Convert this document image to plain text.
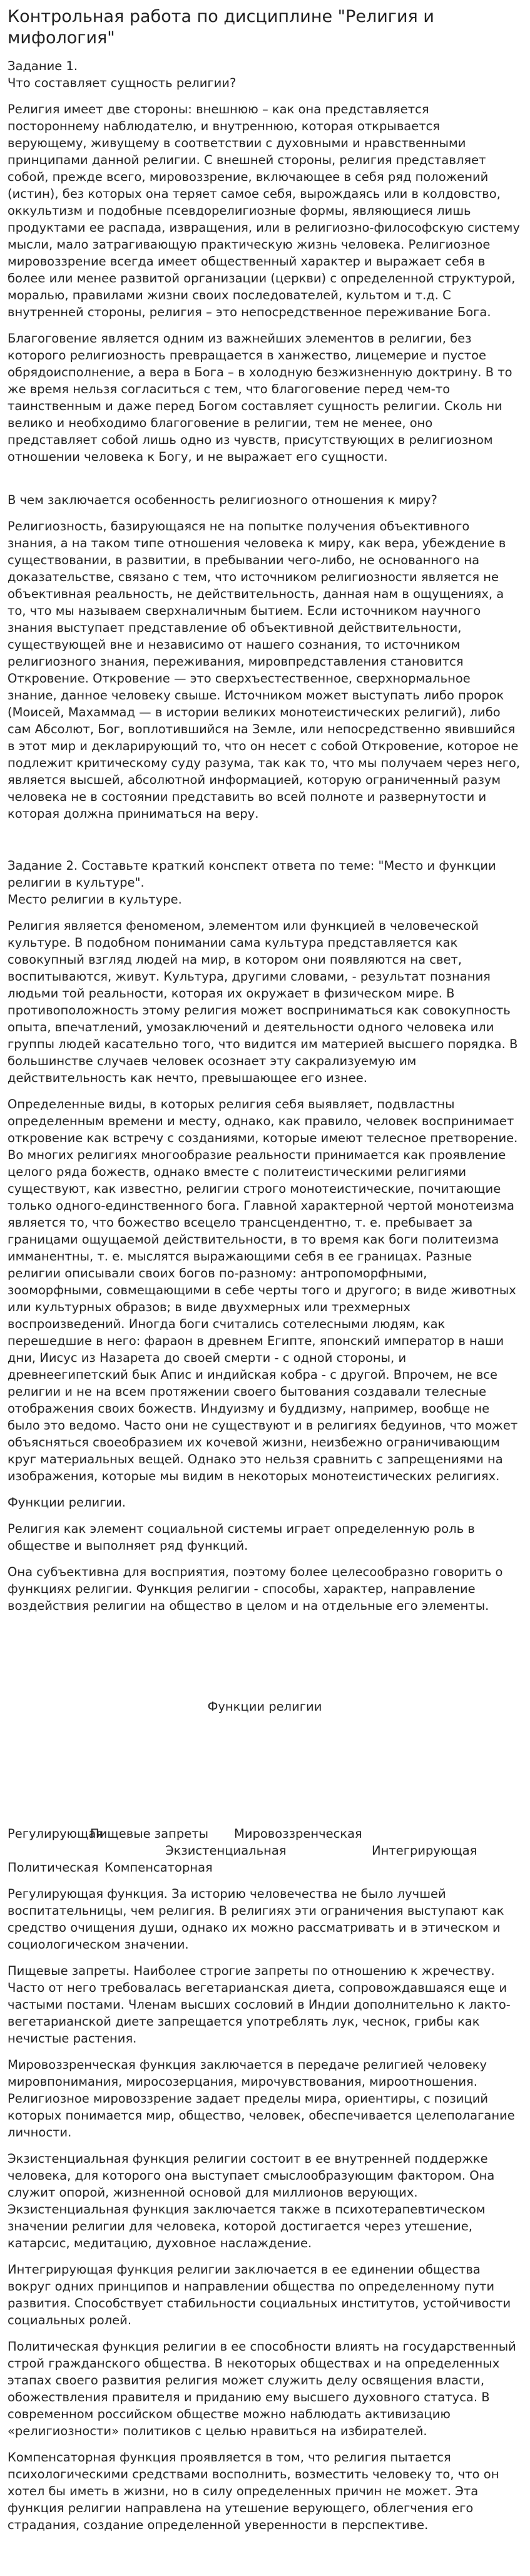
Контрольная работа по дисциплине "Религия и мифология"

Задание 1.

Что составляет сущность религии?

Религия имеет две стороны: внешнюю – как она представляется постороннему наблюдателю, и внутреннюю, которая открывается верующему, живущему в соответствии с духовными и нравственными принципами данной религии. С внешней стороны, религия представляет собой, прежде всего, мировоззрение, включающее в себя ряд положений (истин), без которых она теряет самое себя, вырождаясь или в колдовство, оккультизм и подобные псевдорелигиозные формы, являющиеся лишь продуктами ее распада, извращения, или в религиозно-философскую систему мысли, мало затрагивающую практическую жизнь человека. Религиозное мировоззрение всегда имеет общественный характер и выражает себя в более или менее развитой организации (церкви) с определенной структурой, моралью, правилами жизни своих последователей, культом и т.д. С внутренней стороны, религия – это непосредственное переживание Бога.

Благоговение является одним из важнейших элементов в религии, без которого религиозность превращается в ханжество, лицемерие и пустое обрядоисполнение, а вера в Бога – в холодную безжизненную доктрину. В то же время нельзя согласиться с тем, что благоговение перед чем-то таинственным и даже перед Богом составляет сущность религии. Сколь ни велико и необходимо благоговение в религии, тем не менее, оно представляет собой лишь одно из чувств, присутствующих в религиозном отношении человека к Богу, и не выражает его сущности.

В чем заключается особенность религиозного отношения к миру?

Религиозность, базирующаяся не на попытке получения объективного знания, а на таком типе отношения человека к миру, как вера, убеждение в существовании, в развитии, в пребывании чего-либо, не основанного на доказательстве, связано с тем, что источником религиозности является не объективная реальность, не действительность, данная нам в ощущениях, а то, что мы называем сверхналичным бытием. Если источником научного знания выступает представление об объективной действительности, существующей вне и независимо от нашего сознания, то источником религиозного знания, переживания, мировпредставления становится Откровение. Откровение — это сверхъестественное, сверхнормальное знание, данное человеку свыше. Источником может выступать либо пророк (Моисей, Махаммад — в истории великих монотеистических религий), либо сам Абсолют, Бог, воплотившийся на Земле, или непосредственно явившийся в этот мир и декларирующий то, что он несет с собой Откровение, которое не подлежит критическому суду разума, так как то, что мы получаем через него, является высшей, абсолютной информацией, которую ограниченный разум человека не в состоянии представить во всей полноте и развернутости и которая должна приниматься на веру.

Задание 2. Составьте краткий конспект ответа по теме: "Место и функции религии в культуре".

Место религии в культуре.

Религия является феноменом, элементом или функцией в человеческой культуре. В подобном понимании сама культура представляется как совокупный взгляд людей на мир, в котором они появляются на свет, воспитываются, живут. Культура, другими словами, - результат познания людьми той реальности, которая их окружает в физическом мире. В противоположность этому религия может восприниматься как совокупность опыта, впечатлений, умозаключений и деятельности одного человека или группы людей касательно того, что видится им материей высшего порядка. В большинстве случаев человек осознает эту сакрализуемую им действительность как нечто, превышающее его изнее.

Определенные виды, в которых религия себя выявляет, подвластны определенным времени и месту, однако, как правило, человек воспринимает откровение как встречу с созданиями, которые имеют телесное претворение. Во многих религиях многообразие реальности принимается как проявление целого ряда божеств, однако вместе с политеистическими религиями существуют, как известно, религии строго монотеистические, почитающие только одного-единственного бога. Главной характерной чертой монотеизма является то, что божество всецело трансцендентно, т. е. пребывает за границами ощущаемой действительности, в то время как боги политеизма имманентны, т. е. мыслятся выражающими себя в ее границах. Разные религии описывали своих богов по-разному: антропоморфными, зооморфными, совмещающими в себе черты того и другого; в виде животных или культурных образов; в виде двухмерных или трехмерных воспроизведений. Иногда боги считались сотелесными людям, как перешедшие в него: фараон в древнем Египте, японский император в наши дни, Иисус из Назарета до своей смерти - с одной стороны, и древнеегипетский бык Апис и индийская кобра - с другой. Впрочем, не все религии и не на всем протяжении своего бытования создавали телесные отображения своих божеств. Индуизму и буддизму, например, вообще не было это ведомо. Часто они не существуют и в религиях бедуинов, что может объясняться своеобразием их кочевой жизни, неизбежно ограничивающим круг материальных вещей. Однако это нельзя сравнить с запрещениями на изображения, которые мы видим в некоторых монотеистических религиях.

Функции религии.

Религия как элемент социальной системы играет определенную роль в обществе и выполняет ряд функций.

Она субъективна для восприятия, поэтому более целесообразно говорить о функциях религии. Функция религии - способы, характер, направление воздействия религии на общество в целом и на отдельные его элементы.

Функции религии
Регулирующая
Пищевые запреты	Мировоззренческая
Экзистенциальная	Интегрирующая
Политическая Компенсаторная

Регулирующая функция. За историю человечества не было лучшей воспитательницы, чем религия. В религиях эти ограничения выступают как средство очищения души, однако их можно рассматривать и в этическом и социологическом значении.

Пищевые запреты. Наиболее строгие запреты по отношению к жречеству. Часто от него требовалась вегетарианская диета, сопровождавшаяся еще и частыми постами. Членам высших сословий в Индии дополнительно к лакто-вегетарианской диете запрещается употреблять лук, чеснок, грибы как нечистые растения.

Мировоззренческая функция заключается в передаче религией человеку мировпонимания, миросозерцания, мирочувствования, мироотношения. Религиозное мировоззрение задает пределы мира, ориентиры, с позиций которых понимается мир, общество, человек, обеспечивается целеполагание личности.

Экзистенциальная функция религии состоит в ее внутренней поддержке человека, для которого она выступает смыслообразующим фактором. Она служит опорой, жизненной основой для миллионов верующих. Экзистенциальная функция заключается также в психотерапевтическом значении религии для человека, которой достигается через утешение, катарсис, медитацию, духовное наслаждение.

Интегрирующая функция религии заключается в ее единении общества вокруг одних принципов и направлении общества по определенному пути развития. Способствует стабильности социальных институтов, устойчивости социальных ролей.

Политическая функция религии в ее способности влиять на государственный строй гражданского общества. В некоторых обществах и на определенных этапах своего развития религия может служить делу освящения власти, обожествления правителя и приданию ему высшего духовного статуса. В современном российском обществе можно наблюдать активизацию «религиозности» политиков с целью нравиться на избирателей.

Компенсаторная функция проявляется в том, что религия пытается психологическими средствами восполнить, возместить человеку то, что он хотел бы иметь в жизни, но в силу определенных причин не может. Эта функция религии направлена на утешение верующего, облегчения его страдания, создание определенной уверенности в перспективе.
